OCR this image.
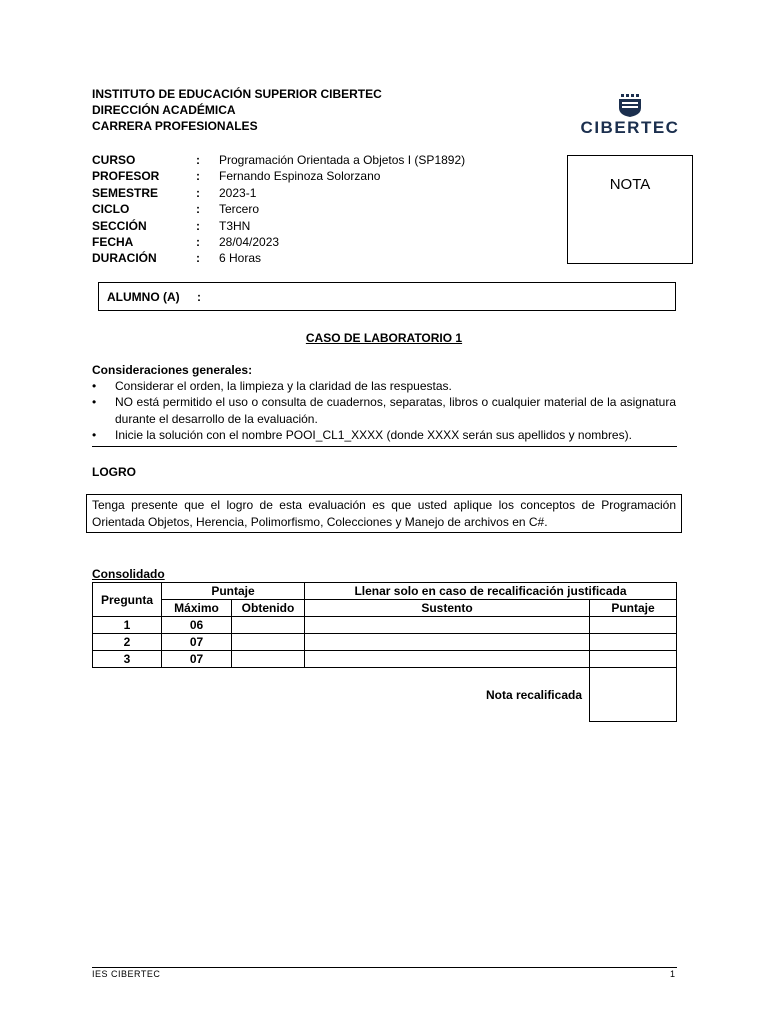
INSTITUTO DE EDUCACIÓN SUPERIOR CIBERTEC
DIRECCIÓN ACADÉMICA
CARRERA PROFESIONALES	CIBERTEC
CURSO	: Programación Orientada a Objetos I (SP1892)
PROFESOR	: Fernando Espinoza Solorzano
SEMESTRE	: 2023-1
CICLO	: Tercero
SECCIÓN	: T3HN
FECHA	: 28/04/2023
DURACIÓN	: 6 Horas
NOTA
ALUMNO (A) :
CASO DE LABORATORIO 1
Consideraciones generales:
• Considerar el orden, la limpieza y la claridad de las respuestas.
• NO está permitido el uso o consulta de cuadernos, separatas, libros o cualquier material de la asignatura durante el desarrollo de la evaluación.
• Inicie la solución con el nombre POOI_CL1_XXXX (donde XXXX serán sus apellidos y nombres).
LOGRO
Tenga presente que el logro de esta evaluación es que usted aplique los conceptos de Programación Orientada Objetos, Herencia, Polimorfismo, Colecciones y Manejo de archivos en C#.
Consolidado
Pregunta	Puntaje		Llenar solo en caso de recalificación justificada	
	Máximo	Obtenido	Sustento	Puntaje
1	06			
2	07			
3	07			

Nota recalificada				

IES CIBERTEC	1
